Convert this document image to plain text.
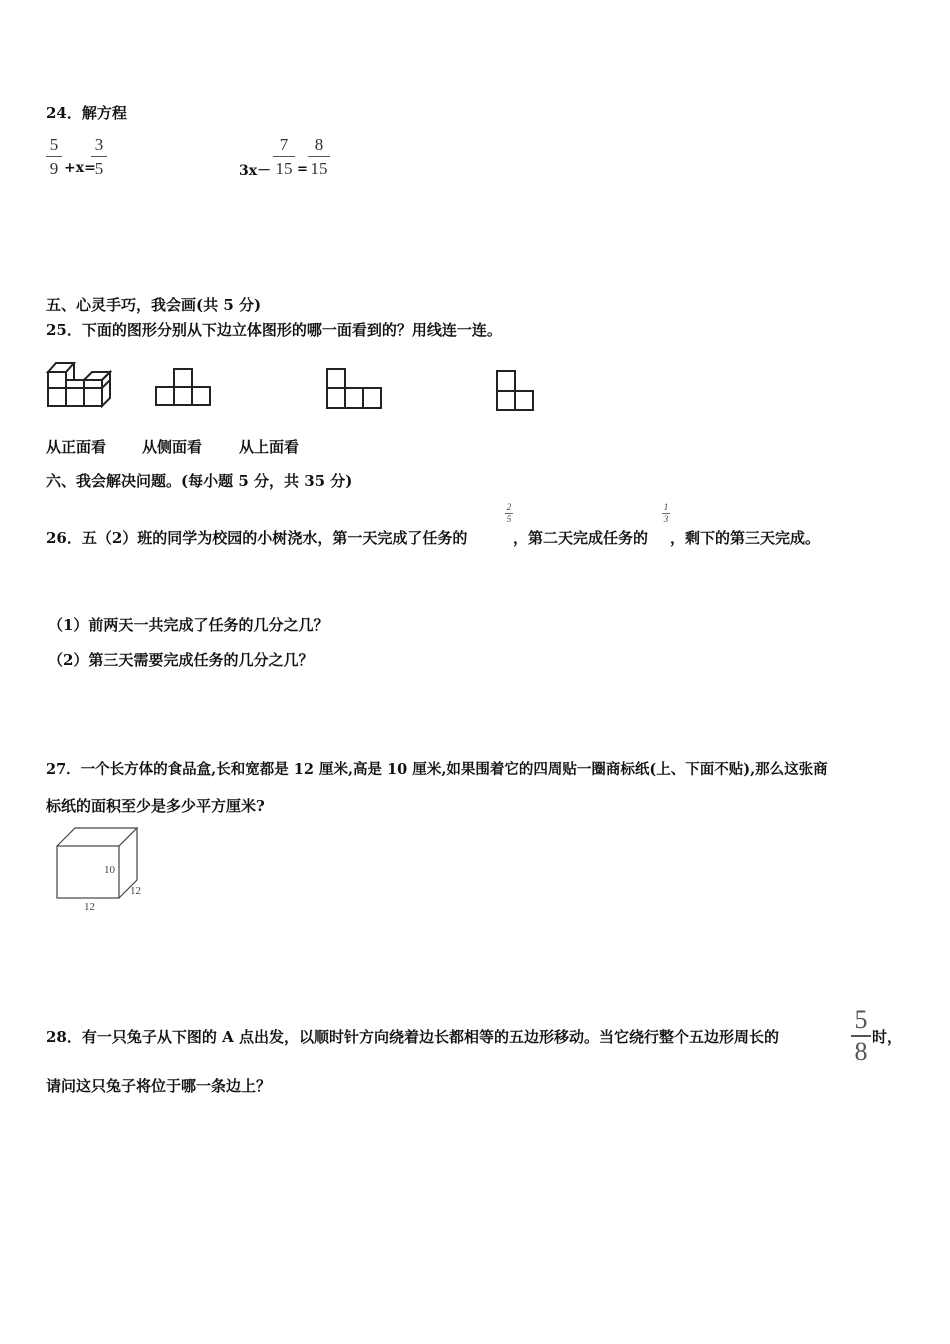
24．解方程
5
9 +x=
3
5	3x－
7
15 =
8
15
五、心灵手巧，我会画(共 5 分)
25．下面的图形分别从下边立体图形的哪一面看到的？用线连一连。
从正面看 从侧面看 从上面看
六、我会解决问题。(每小题 5 分，共 35 分)
26．五（2）班的同学为校园的小树浇水，第一天完成了任务的
2
5
，第二天完成任务的
1
3
，剩下的第三天完成。
（1）前两天一共完成了任务的几分之几？
（2）第三天需要完成任务的几分之几？
27．一个长方体的食品盒,长和宽都是 12 厘米,高是 10 厘米,如果围着它的四周贴一圈商标纸(上、下面不贴),那么这张商
标纸的面积至少是多少平方厘米?
10
12
12
28．有一只兔子从下图的 A 点出发，以顺时针方向绕着边长都相等的五边形移动。当它绕行整个五边形周长的
5
8 时，
请问这只兔子将位于哪一条边上？
